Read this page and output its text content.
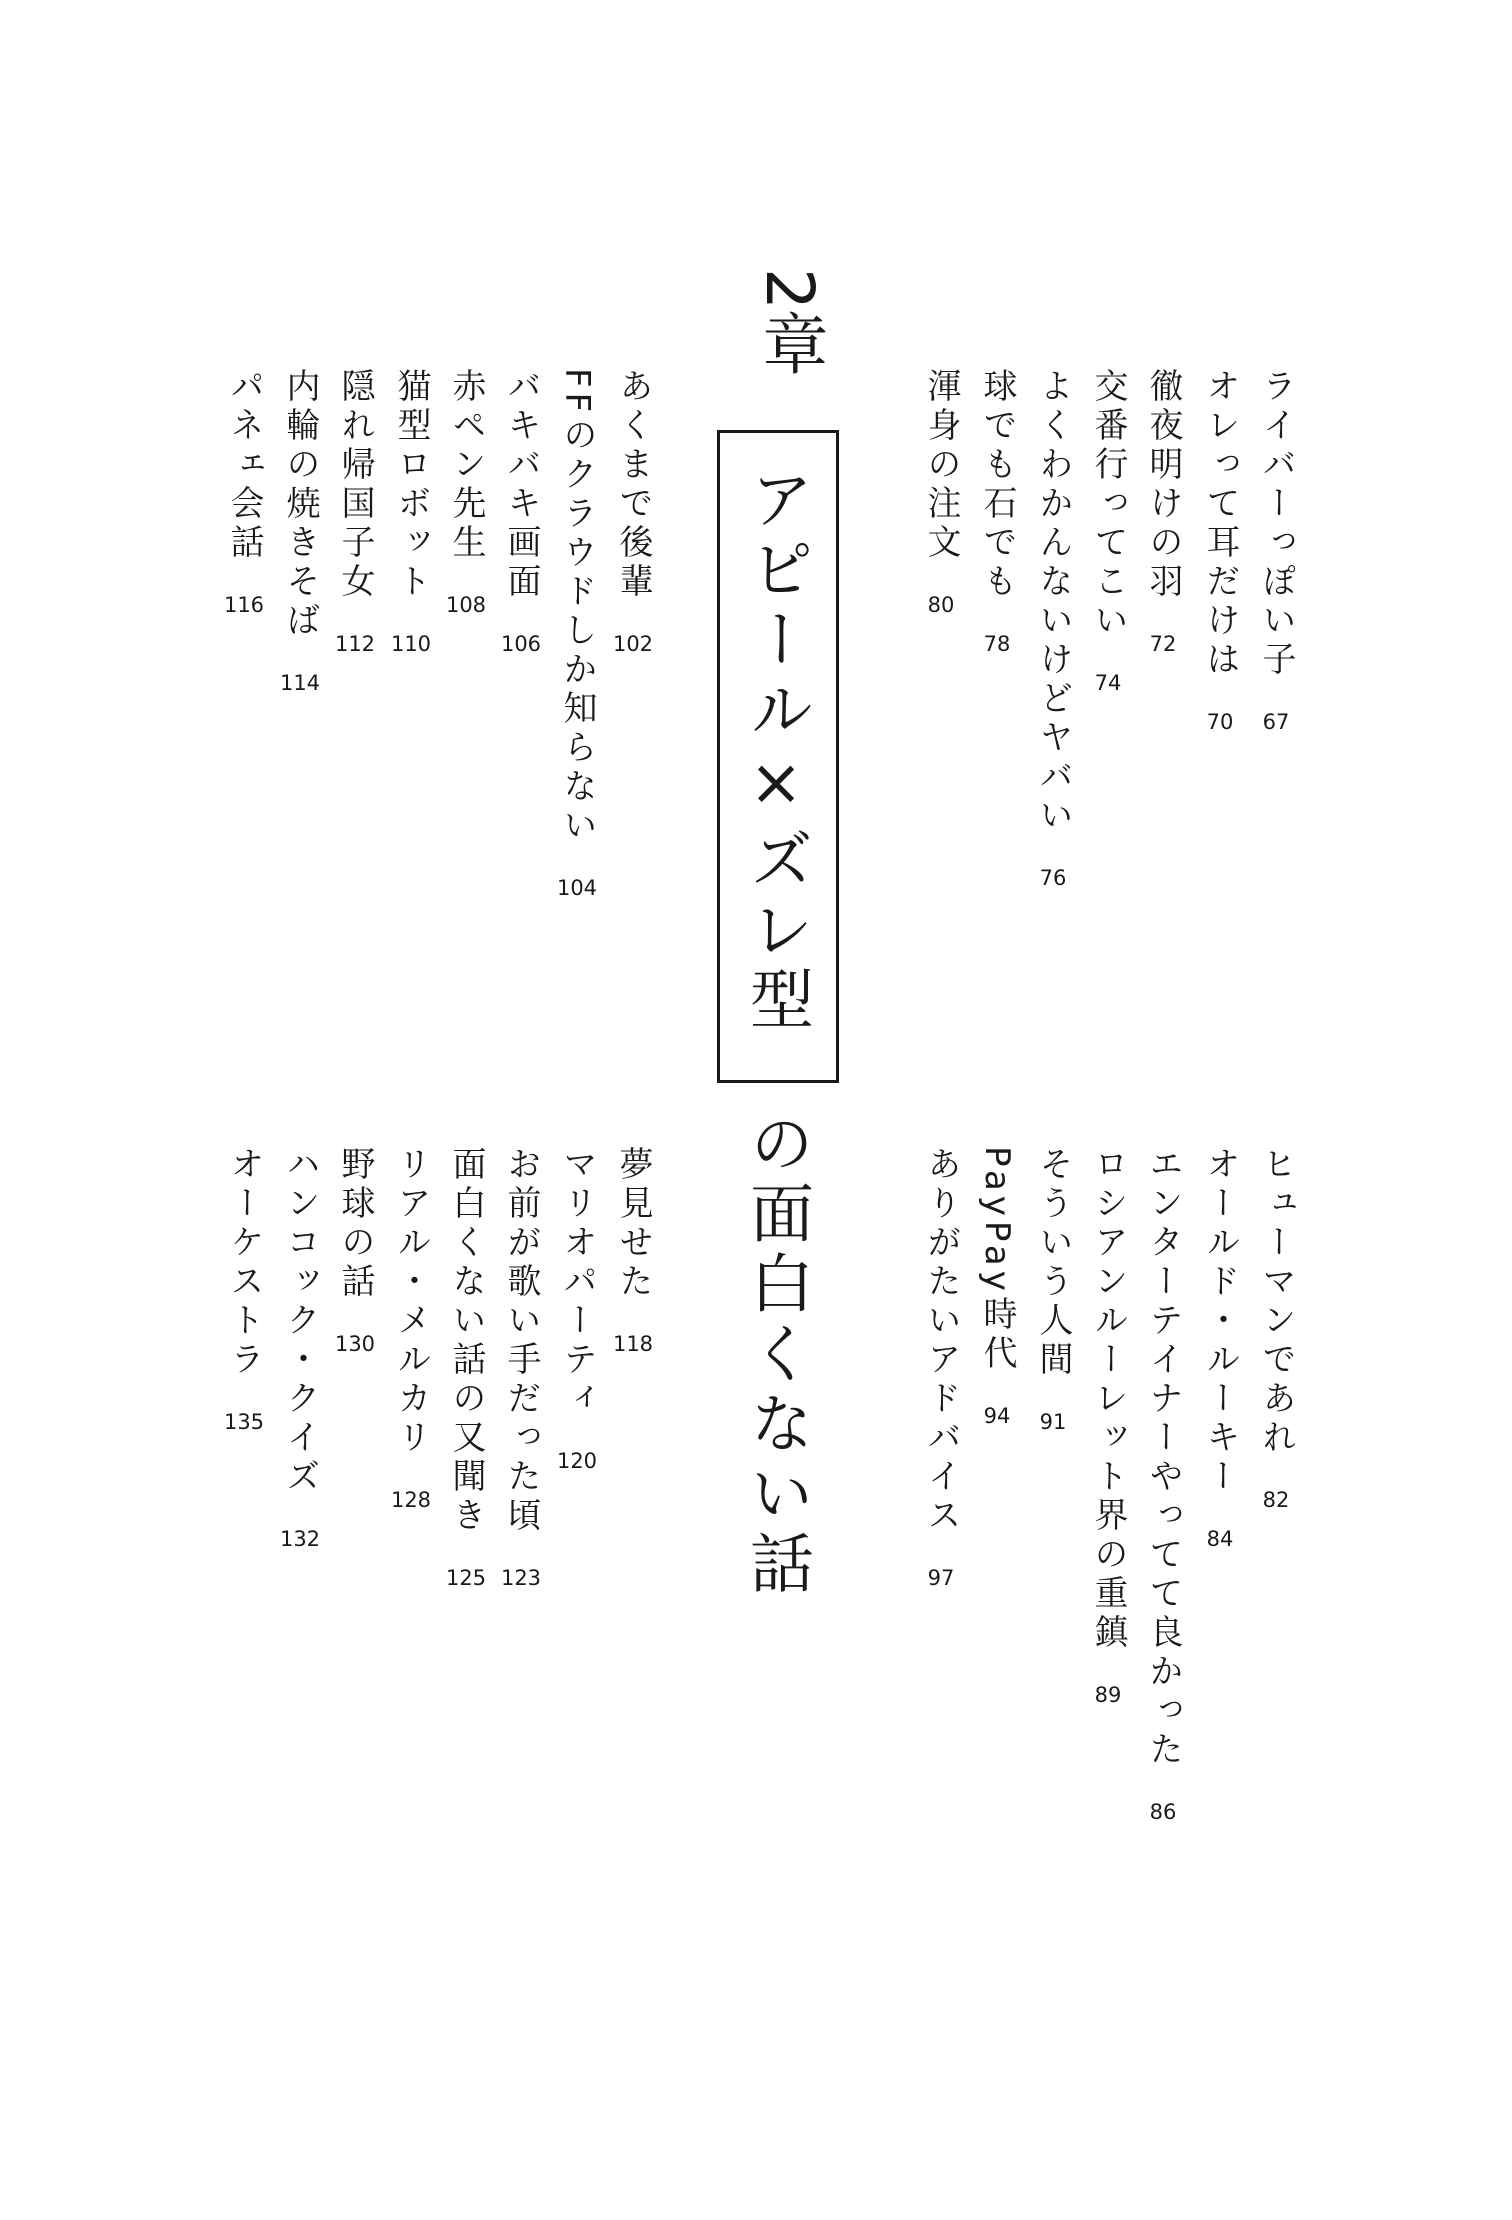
2章
アピール×ズレ型
の面白くない話
ライバーっぽい子
67
オレって耳だけは
70
徹夜明けの羽
72
交番行ってこい
74
よくわかんないけどヤバい
76
球でも石でも
78
渾身の注文
80
あくまで後輩
102
FFのクラウドしか知らない
104
バキバキ画面
106
赤ペン先生
108
猫型ロボット
110
隠れ帰国子女
112
内輪の焼きそば
114
パネェ会話
116
ヒューマンであれ
82
オールド・ルーキー
84
エンターテイナーやってて良かった
86
ロシアンルーレット界の重鎮
89
そういう人間
91
PayPay時代
94
ありがたいアドバイス
97
夢見せた
118
マリオパーティ
120
お前が歌い手だった頃
123
面白くない話の又聞き
125
リアル・メルカリ
128
野球の話
130
ハンコック・クイズ
132
オーケストラ
135
